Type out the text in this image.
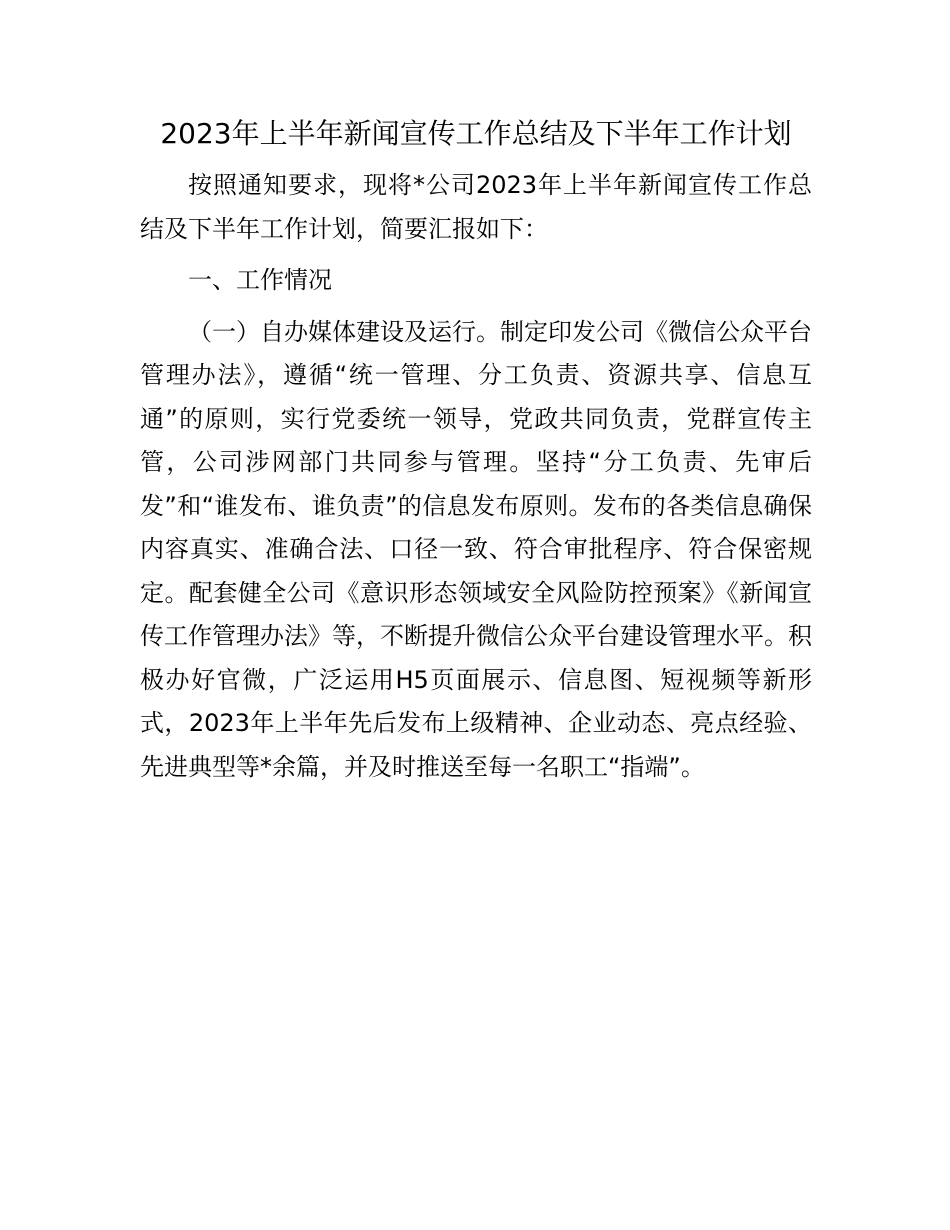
2023年上半年新闻宣传工作总结及下半年工作计划

按照通知要求，现将*公司2023年上半年新闻宣传工作总结及下半年工作计划，简要汇报如下：

一、工作情况

（一）自办媒体建设及运行。制定印发公司《微信公众平台管理办法》，遵循“统一管理、分工负责、资源共享、信息互通”的原则，实行党委统一领导，党政共同负责，党群宣传主管，公司涉网部门共同参与管理。坚持“分工负责、先审后发”和“谁发布、谁负责”的信息发布原则。发布的各类信息确保内容真实、准确合法、口径一致、符合审批程序、符合保密规定。配套健全公司《意识形态领域安全风险防控预案》《新闻宣传工作管理办法》等，不断提升微信公众平台建设管理水平。积极办好官微，广泛运用H5页面展示、信息图、短视频等新形式，2023年上半年先后发布上级精神、企业动态、亮点经验、先进典型等*余篇，并及时推送至每一名职工“指端”。
